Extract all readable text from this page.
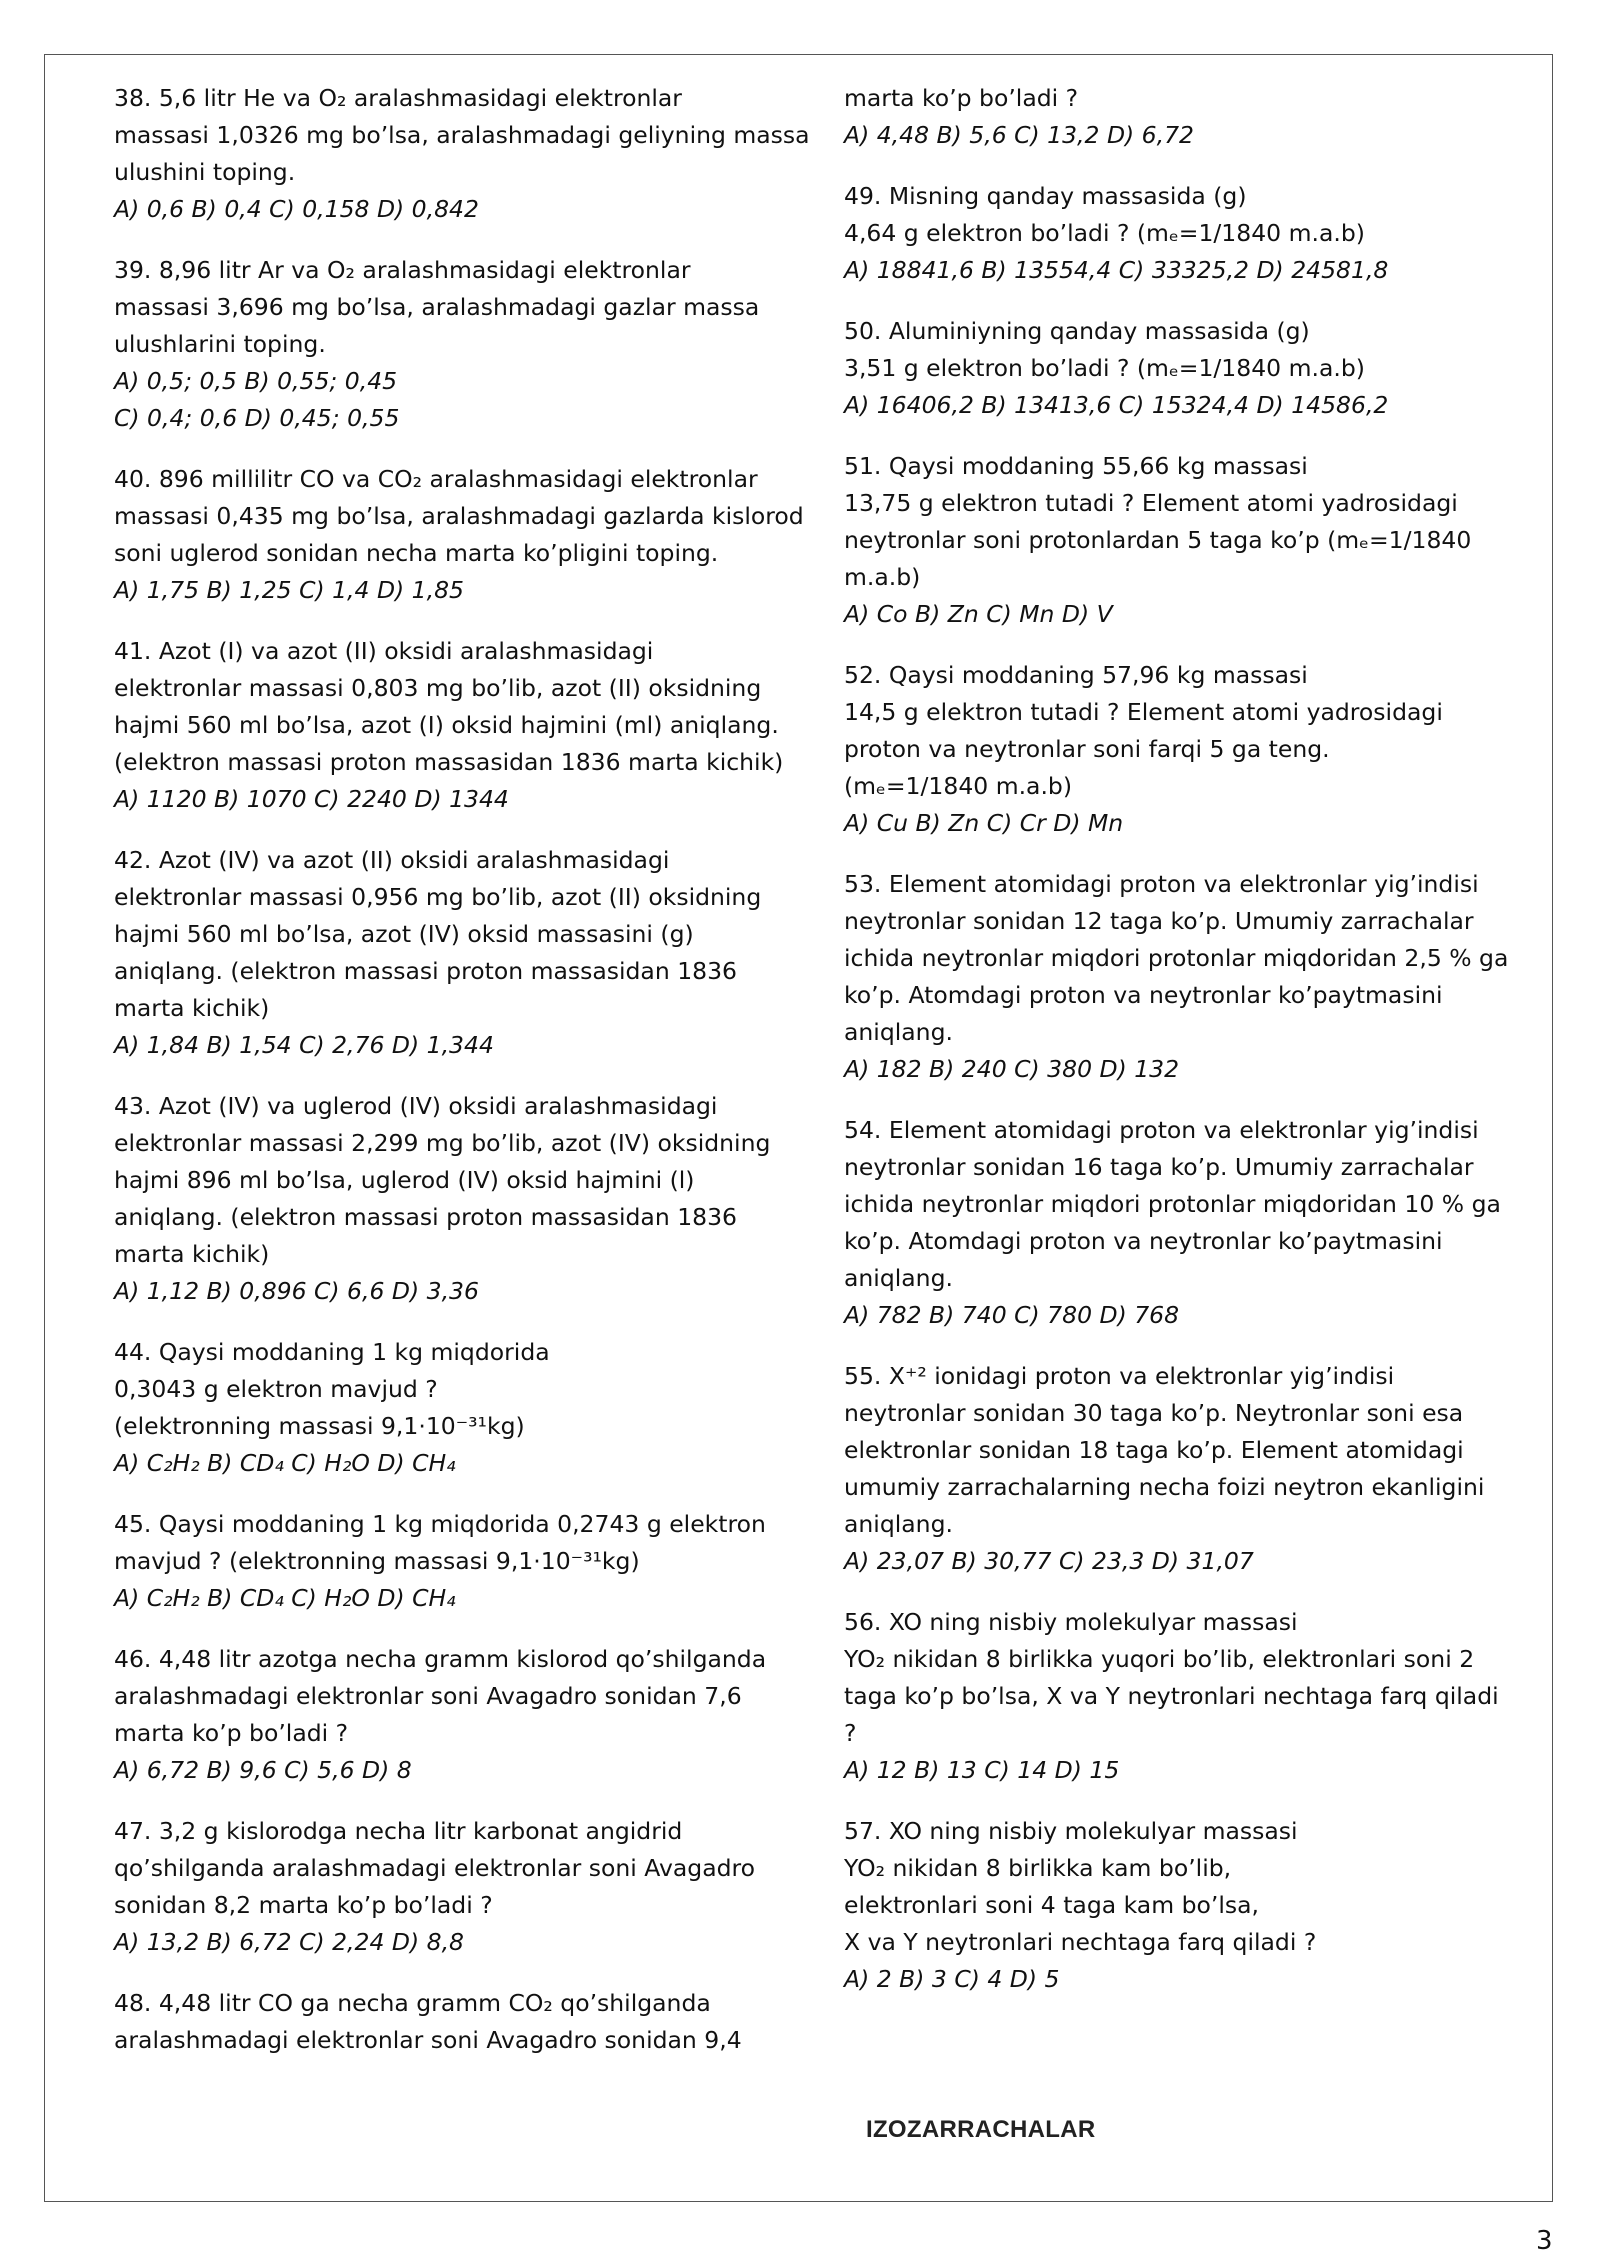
38. 5,6 litr He va O₂ aralashmasidagi elektronlar
massasi 1,0326 mg bo’lsa, aralashmadagi geliyning massa
ulushini toping.
A) 0,6 B) 0,4 C) 0,158 D) 0,842
39. 8,96 litr Ar va O₂ aralashmasidagi elektronlar
massasi 3,696 mg bo’lsa, aralashmadagi gazlar massa
ulushlarini toping.
A) 0,5; 0,5 B) 0,55; 0,45
C) 0,4; 0,6 D) 0,45; 0,55
40. 896 millilitr CO va CO₂ aralashmasidagi elektronlar
massasi 0,435 mg bo’lsa, aralashmadagi gazlarda kislorod
soni uglerod sonidan necha marta ko’pligini toping.
A) 1,75 B) 1,25 C) 1,4 D) 1,85
41. Azot (I) va azot (II) oksidi aralashmasidagi
elektronlar massasi 0,803 mg bo’lib, azot (II) oksidning
hajmi 560 ml bo’lsa, azot (I) oksid hajmini (ml) aniqlang.
(elektron massasi proton massasidan 1836 marta kichik)
A) 1120 B) 1070 C) 2240 D) 1344
42. Azot (IV) va azot (II) oksidi aralashmasidagi
elektronlar massasi 0,956 mg bo’lib, azot (II) oksidning
hajmi 560 ml bo’lsa, azot (IV) oksid massasini (g)
aniqlang. (elektron massasi proton massasidan 1836
marta kichik)
A) 1,84 B) 1,54 C) 2,76 D) 1,344
43. Azot (IV) va uglerod (IV) oksidi aralashmasidagi
elektronlar massasi 2,299 mg bo’lib, azot (IV) oksidning
hajmi 896 ml bo’lsa, uglerod (IV) oksid hajmini (l)
aniqlang. (elektron massasi proton massasidan 1836
marta kichik)
A) 1,12 B) 0,896 C) 6,6 D) 3,36
44. Qaysi moddaning 1 kg miqdorida
0,3043 g elektron mavjud ?
(elektronning massasi 9,1·10⁻³¹kg)
A) C₂H₂ B) CD₄ C) H₂O D) CH₄
45. Qaysi moddaning 1 kg miqdorida 0,2743 g elektron
mavjud ? (elektronning massasi 9,1·10⁻³¹kg)
A) C₂H₂ B) CD₄ C) H₂O D) CH₄
46. 4,48 litr azotga necha gramm kislorod qo’shilganda
aralashmadagi elektronlar soni Avagadro sonidan 7,6
marta ko’p bo’ladi ?
A) 6,72 B) 9,6 C) 5,6 D) 8
47. 3,2 g kislorodga necha litr karbonat angidrid
qo’shilganda aralashmadagi elektronlar soni Avagadro
sonidan 8,2 marta ko’p bo’ladi ?
A) 13,2 B) 6,72 C) 2,24 D) 8,8
48. 4,48 litr CO ga necha gramm CO₂ qo’shilganda
aralashmadagi elektronlar soni Avagadro sonidan 9,4
marta ko’p bo’ladi ?
A) 4,48 B) 5,6 C) 13,2 D) 6,72
49. Misning qanday massasida (g)
4,64 g elektron bo’ladi ? (mₑ=1/1840 m.a.b)
A) 18841,6 B) 13554,4 C) 33325,2 D) 24581,8
50. Aluminiyning qanday massasida (g)
3,51 g elektron bo’ladi ? (mₑ=1/1840 m.a.b)
A) 16406,2 B) 13413,6 C) 15324,4 D) 14586,2
51. Qaysi moddaning 55,66 kg massasi
13,75 g elektron tutadi ? Element atomi yadrosidagi
neytronlar soni protonlardan 5 taga ko’p (mₑ=1/1840
m.a.b)
A) Co B) Zn C) Mn D) V
52. Qaysi moddaning 57,96 kg massasi
14,5 g elektron tutadi ? Element atomi yadrosidagi
proton va neytronlar soni farqi 5 ga teng.
(mₑ=1/1840 m.a.b)
A) Cu B) Zn C) Cr D) Mn
53. Element atomidagi proton va elektronlar yig’indisi
neytronlar sonidan 12 taga ko’p. Umumiy zarrachalar
ichida neytronlar miqdori protonlar miqdoridan 2,5 % ga
ko’p. Atomdagi proton va neytronlar ko’paytmasini
aniqlang.
A) 182 B) 240 C) 380 D) 132
54. Element atomidagi proton va elektronlar yig’indisi
neytronlar sonidan 16 taga ko’p. Umumiy zarrachalar
ichida neytronlar miqdori protonlar miqdoridan 10 % ga
ko’p. Atomdagi proton va neytronlar ko’paytmasini
aniqlang.
A) 782 B) 740 C) 780 D) 768
55. X⁺² ionidagi proton va elektronlar yig’indisi
neytronlar sonidan 30 taga ko’p. Neytronlar soni esa
elektronlar sonidan 18 taga ko’p. Element atomidagi
umumiy zarrachalarning necha foizi neytron ekanligini
aniqlang.
A) 23,07 B) 30,77 C) 23,3 D) 31,07
56. XO ning nisbiy molekulyar massasi
YO₂ nikidan 8 birlikka yuqori bo’lib, elektronlari soni 2
taga ko’p bo’lsa, X va Y neytronlari nechtaga farq qiladi
?
A) 12 B) 13 C) 14 D) 15
57. XO ning nisbiy molekulyar massasi
YO₂ nikidan 8 birlikka kam bo’lib,
elektronlari soni 4 taga kam bo’lsa,
X va Y neytronlari nechtaga farq qiladi ?
A) 2 B) 3 C) 4 D) 5
IZOZARRACHALAR
3
